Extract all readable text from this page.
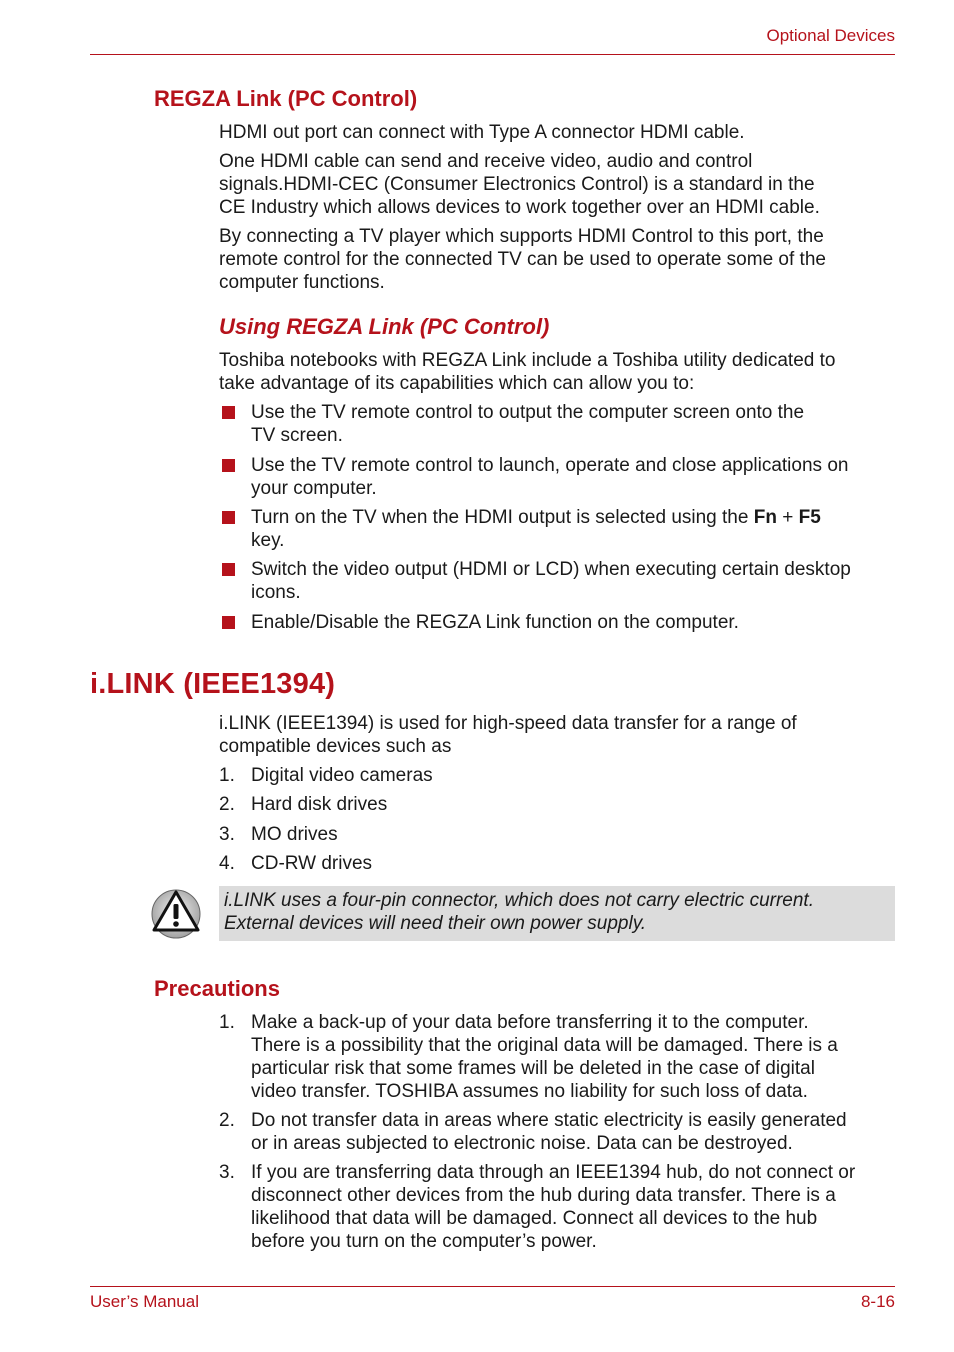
Optional Devices
REGZA Link (PC Control)
HDMI out port can connect with Type A connector HDMI cable.
One HDMI cable can send and receive video, audio and control
signals.HDMI-CEC (Consumer Electronics Control) is a standard in the
CE Industry which allows devices to work together over an HDMI cable.
By connecting a TV player which supports HDMI Control to this port, the
remote control for the connected TV can be used to operate some of the
computer functions.
Using REGZA Link (PC Control)
Toshiba notebooks with REGZA Link include a Toshiba utility dedicated to
take advantage of its capabilities which can allow you to:
Use the TV remote control to output the computer screen onto the
TV screen.
Use the TV remote control to launch, operate and close applications on
your computer.
Turn on the TV when the HDMI output is selected using the Fn + F5
key.
Switch the video output (HDMI or LCD) when executing certain desktop
icons.
Enable/Disable the REGZA Link function on the computer.
i.LINK (IEEE1394)
i.LINK (IEEE1394) is used for high-speed data transfer for a range of
compatible devices such as
1. Digital video cameras
2. Hard disk drives
3. MO drives
4. CD-RW drives
i.LINK uses a four-pin connector, which does not carry electric current.
External devices will need their own power supply.
Precautions
1. Make a back-up of your data before transferring it to the computer.
There is a possibility that the original data will be damaged. There is a
particular risk that some frames will be deleted in the case of digital
video transfer. TOSHIBA assumes no liability for such loss of data.
2. Do not transfer data in areas where static electricity is easily generated
or in areas subjected to electronic noise. Data can be destroyed.
3. If you are transferring data through an IEEE1394 hub, do not connect or
disconnect other devices from the hub during data transfer. There is a
likelihood that data will be damaged. Connect all devices to the hub
before you turn on the computer’s power.
User’s Manual	8-16
